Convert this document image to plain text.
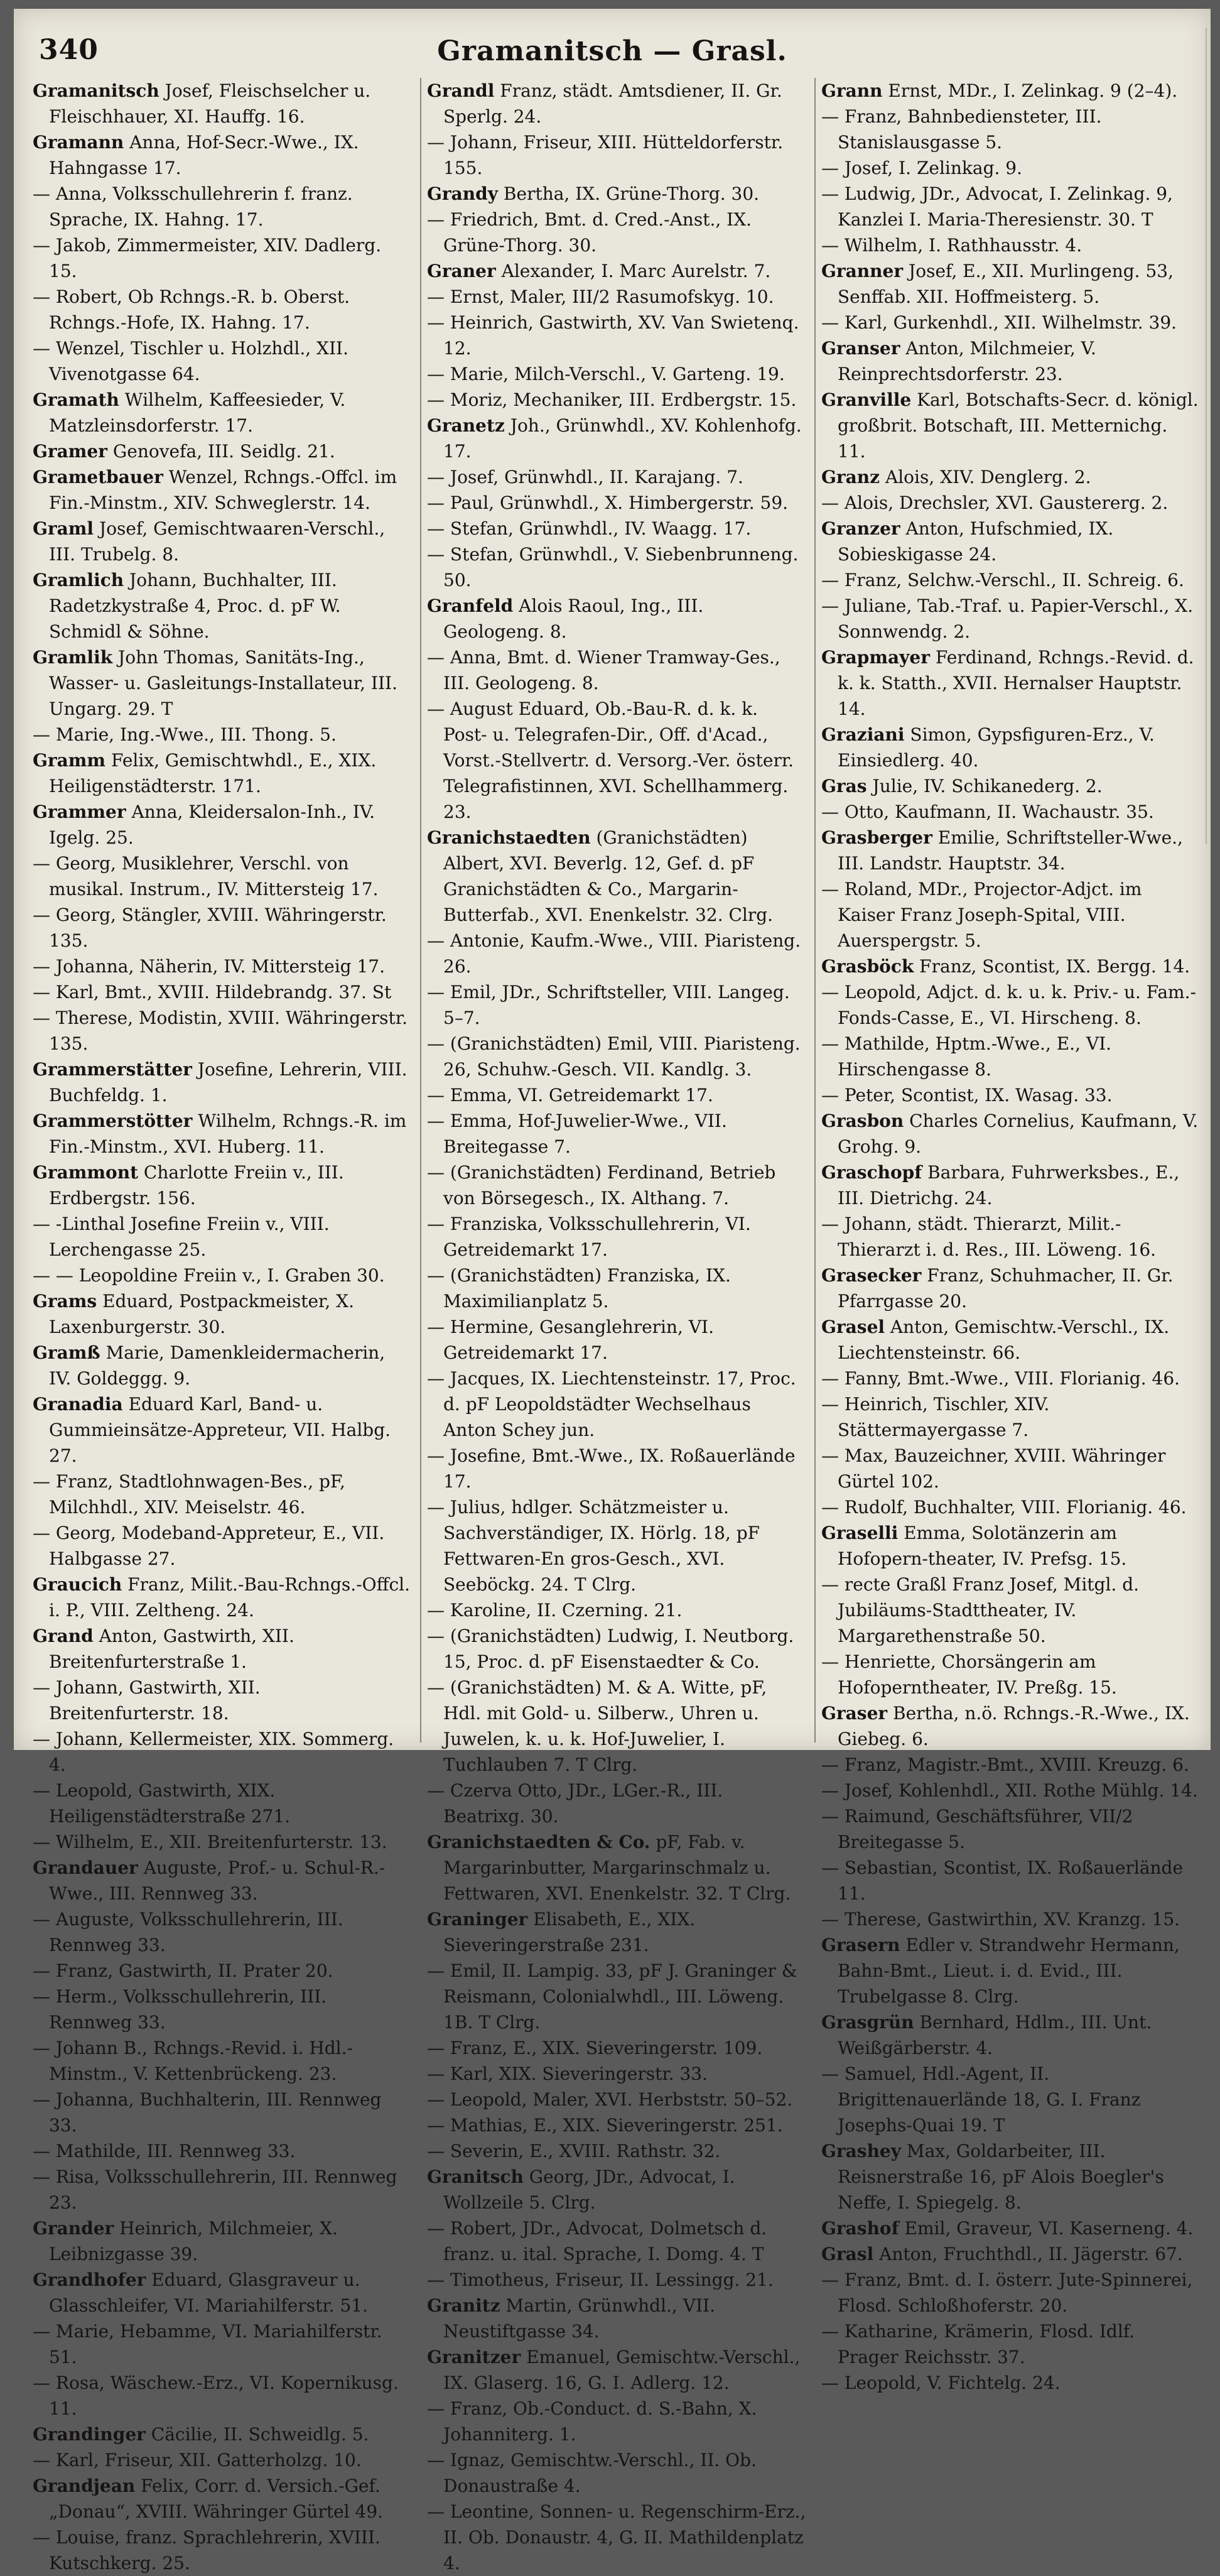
340	Gramanitsch — Grasl.

Gramanitsch Josef, Fleischselcher u. Fleischhauer, XI. Hauffg. 16.

Gramann Anna, Hof-Secr.-Wwe., IX. Hahngasse 17.

— Anna, Volksschullehrerin f. franz. Sprache, IX. Hahng. 17.

— Jakob, Zimmermeister, XIV. Dadlerg. 15.

— Robert, Ob Rchngs.-R. b. Oberst. Rchngs.-Hofe, IX. Hahng. 17.

— Wenzel, Tischler u. Holzhdl., XII. Vivenotgasse 64.

Gramath Wilhelm, Kaffeesieder, V. Matzleinsdorferstr. 17.

Gramer Genovefa, III. Seidlg. 21.

Grametbauer Wenzel, Rchngs.-Offcl. im Fin.-Minstm., XIV. Schweglerstr. 14.

Graml Josef, Gemischtwaaren-Verschl., III. Trubelg. 8.

Gramlich Johann, Buchhalter, III. Radetzkystraße 4, Proc. d. pF W. Schmidl & Söhne.

Gramlik John Thomas, Sanitäts-Ing., Wasser- u. Gasleitungs-Installateur, III. Ungarg. 29. T

— Marie, Ing.-Wwe., III. Thong. 5.

Gramm Felix, Gemischtwhdl., E., XIX. Heiligenstädterstr. 171.

Grammer Anna, Kleidersalon-Inh., IV. Igelg. 25.

— Georg, Musiklehrer, Verschl. von musikal. Instrum., IV. Mittersteig 17.

— Georg, Stängler, XVIII. Währingerstr. 135.

— Johanna, Näherin, IV. Mittersteig 17.

— Karl, Bmt., XVIII. Hildebrandg. 37. St

— Therese, Modistin, XVIII. Währingerstr. 135.

Grammerstätter Josefine, Lehrerin, VIII. Buchfeldg. 1.

Grammerstötter Wilhelm, Rchngs.-R. im Fin.-Minstm., XVI. Huberg. 11.

Grammont Charlotte Freiin v., III. Erdbergstr. 156.

— -Linthal Josefine Freiin v., VIII. Lerchengasse 25.

— — Leopoldine Freiin v., I. Graben 30.

Grams Eduard, Postpackmeister, X. Laxenburgerstr. 30.

Gramß Marie, Damenkleidermacherin, IV. Goldeggg. 9.

Granadia Eduard Karl, Band- u. Gummieinsätze-Appreteur, VII. Halbg. 27.

— Franz, Stadtlohnwagen-Bes., pF, Milchhdl., XIV. Meiselstr. 46.

— Georg, Modeband-Appreteur, E., VII. Halbgasse 27.

Graucich Franz, Milit.-Bau-Rchngs.-Offcl. i. P., VIII. Zeltheng. 24.

Grand Anton, Gastwirth, XII. Breitenfurterstraße 1.

— Johann, Gastwirth, XII. Breitenfurterstr. 18.

— Johann, Kellermeister, XIX. Sommerg. 4.

— Leopold, Gastwirth, XIX. Heiligenstädterstraße 271.

— Wilhelm, E., XII. Breitenfurterstr. 13.

Grandauer Auguste, Prof.- u. Schul-R.-Wwe., III. Rennweg 33.

— Auguste, Volksschullehrerin, III. Rennweg 33.

— Franz, Gastwirth, II. Prater 20.

— Herm., Volksschullehrerin, III. Rennweg 33.

— Johann B., Rchngs.-Revid. i. Hdl.-Minstm., V. Kettenbrückeng. 23.

— Johanna, Buchhalterin, III. Rennweg 33.

— Mathilde, III. Rennweg 33.

— Risa, Volksschullehrerin, III. Rennweg 23.

Grander Heinrich, Milchmeier, X. Leibnizgasse 39.

Grandhofer Eduard, Glasgraveur u. Glasschleifer, VI. Mariahilferstr. 51.

— Marie, Hebamme, VI. Mariahilferstr. 51.

— Rosa, Wäschew.-Erz., VI. Kopernikusg. 11.

Grandinger Cäcilie, II. Schweidlg. 5.

— Karl, Friseur, XII. Gatterholzg. 10.

Grandjean Felix, Corr. d. Versich.-Gef. „Donau“, XVIII. Währinger Gürtel 49.

— Louise, franz. Sprachlehrerin, XVIII. Kutschkerg. 25.

Grandl Franz, städt. Amtsdiener, II. Gr. Sperlg. 24.

— Johann, Friseur, XIII. Hütteldorferstr. 155.

Grandy Bertha, IX. Grüne-Thorg. 30.

— Friedrich, Bmt. d. Cred.-Anst., IX. Grüne-Thorg. 30.

Graner Alexander, I. Marc Aurelstr. 7.

— Ernst, Maler, III/2 Rasumofskyg. 10.

— Heinrich, Gastwirth, XV. Van Swietenq. 12.

— Marie, Milch-Verschl., V. Garteng. 19.

— Moriz, Mechaniker, III. Erdbergstr. 15.

Granetz Joh., Grünwhdl., XV. Kohlenhofg. 17.

— Josef, Grünwhdl., II. Karajang. 7.

— Paul, Grünwhdl., X. Himbergerstr. 59.

— Stefan, Grünwhdl., IV. Waagg. 17.

— Stefan, Grünwhdl., V. Siebenbrunneng. 50.

Granfeld Alois Raoul, Ing., III. Geologeng. 8.

— Anna, Bmt. d. Wiener Tramway-Ges., III. Geologeng. 8.

— August Eduard, Ob.-Bau-R. d. k. k. Post- u. Telegrafen-Dir., Off. d'Acad., Vorst.-Stellvertr. d. Versorg.-Ver. österr. Telegrafistinnen, XVI. Schellhammerg. 23.

Granichstaedten (Granichstädten) Albert, XVI. Beverlg. 12, Gef. d. pF Granichstädten & Co., Margarin-Butterfab., XVI. Enenkelstr. 32. Clrg.

— Antonie, Kaufm.-Wwe., VIII. Piaristeng. 26.

— Emil, JDr., Schriftsteller, VIII. Langeg. 5–7.

— (Granichstädten) Emil, VIII. Piaristeng. 26, Schuhw.-Gesch. VII. Kandlg. 3.

— Emma, VI. Getreidemarkt 17.

— Emma, Hof-Juwelier-Wwe., VII. Breitegasse 7.

— (Granichstädten) Ferdinand, Betrieb von Börsegesch., IX. Althang. 7.

— Franziska, Volksschullehrerin, VI. Getreidemarkt 17.

— (Granichstädten) Franziska, IX. Maximilianplatz 5.

— Hermine, Gesanglehrerin, VI. Getreidemarkt 17.

— Jacques, IX. Liechtensteinstr. 17, Proc. d. pF Leopoldstädter Wechselhaus Anton Schey jun.

— Josefine, Bmt.-Wwe., IX. Roßauerlände 17.

— Julius, hdlger. Schätzmeister u. Sachverständiger, IX. Hörlg. 18, pF Fettwaren-En gros-Gesch., XVI. Seeböckg. 24. T Clrg.

— Karoline, II. Czerning. 21.

— (Granichstädten) Ludwig, I. Neutborg. 15, Proc. d. pF Eisenstaedter & Co.

— (Granichstädten) M. & A. Witte, pF, Hdl. mit Gold- u. Silberw., Uhren u. Juwelen, k. u. k. Hof-Juwelier, I. Tuchlauben 7. T Clrg.

— Czerva Otto, JDr., LGer.-R., III. Beatrixg. 30.

Granichstaedten & Co. pF, Fab. v. Margarinbutter, Margarinschmalz u. Fettwaren, XVI. Enenkelstr. 32. T Clrg.

Graninger Elisabeth, E., XIX. Sieveringerstraße 231.

— Emil, II. Lampig. 33, pF J. Graninger & Reismann, Colonialwhdl., III. Löweng. 1B. T Clrg.

— Franz, E., XIX. Sieveringerstr. 109.

— Karl, XIX. Sieveringerstr. 33.

— Leopold, Maler, XVI. Herbststr. 50–52.

— Mathias, E., XIX. Sieveringerstr. 251.

— Severin, E., XVIII. Rathstr. 32.

Granitsch Georg, JDr., Advocat, I. Wollzeile 5. Clrg.

— Robert, JDr., Advocat, Dolmetsch d. franz. u. ital. Sprache, I. Domg. 4. T

— Timotheus, Friseur, II. Lessingg. 21.

Granitz Martin, Grünwhdl., VII. Neustiftgasse 34.

Granitzer Emanuel, Gemischtw.-Verschl., IX. Glaserg. 16, G. I. Adlerg. 12.

— Franz, Ob.-Conduct. d. S.-Bahn, X. Johanniterg. 1.

— Ignaz, Gemischtw.-Verschl., II. Ob. Donaustraße 4.

— Leontine, Sonnen- u. Regenschirm-Erz., II. Ob. Donaustr. 4, G. II. Mathildenplatz 4.

Grann Ernst, MDr., I. Zelinkag. 9 (2–4).

— Franz, Bahnbediensteter, III. Stanislausgasse 5.

— Josef, I. Zelinkag. 9.

— Ludwig, JDr., Advocat, I. Zelinkag. 9, Kanzlei I. Maria-Theresienstr. 30. T

— Wilhelm, I. Rathhausstr. 4.

Granner Josef, E., XII. Murlingeng. 53, Senffab. XII. Hoffmeisterg. 5.

— Karl, Gurkenhdl., XII. Wilhelmstr. 39.

Granser Anton, Milchmeier, V. Reinprechtsdorferstr. 23.

Granville Karl, Botschafts-Secr. d. königl. großbrit. Botschaft, III. Metternichg. 11.

Granz Alois, XIV. Denglerg. 2.

— Alois, Drechsler, XVI. Gaustererg. 2.

Granzer Anton, Hufschmied, IX. Sobieskigasse 24.

— Franz, Selchw.-Verschl., II. Schreig. 6.

— Juliane, Tab.-Traf. u. Papier-Verschl., X. Sonnwendg. 2.

Grapmayer Ferdinand, Rchngs.-Revid. d. k. k. Statth., XVII. Hernalser Hauptstr. 14.

Graziani Simon, Gypsfiguren-Erz., V. Einsiedlerg. 40.

Gras Julie, IV. Schikanederg. 2.

— Otto, Kaufmann, II. Wachaustr. 35.

Grasberger Emilie, Schriftsteller-Wwe., III. Landstr. Hauptstr. 34.

— Roland, MDr., Projector-Adjct. im Kaiser Franz Joseph-Spital, VIII. Auerspergstr. 5.

Grasböck Franz, Scontist, IX. Bergg. 14.

— Leopold, Adjct. d. k. u. k. Priv.- u. Fam.-Fonds-Casse, E., VI. Hirscheng. 8.

— Mathilde, Hptm.-Wwe., E., VI. Hirschengasse 8.

— Peter, Scontist, IX. Wasag. 33.

Grasbon Charles Cornelius, Kaufmann, V. Grohg. 9.

Graschopf Barbara, Fuhrwerksbes., E., III. Dietrichg. 24.

— Johann, städt. Thierarzt, Milit.-Thierarzt i. d. Res., III. Löweng. 16.

Grasecker Franz, Schuhmacher, II. Gr. Pfarrgasse 20.

Grasel Anton, Gemischtw.-Verschl., IX. Liechtensteinstr. 66.

— Fanny, Bmt.-Wwe., VIII. Florianig. 46.

— Heinrich, Tischler, XIV. Stättermayergasse 7.

— Max, Bauzeichner, XVIII. Währinger Gürtel 102.

— Rudolf, Buchhalter, VIII. Florianig. 46.

Graselli Emma, Solotänzerin am Hofopern-theater, IV. Prefsg. 15.

— recte Graßl Franz Josef, Mitgl. d. Jubiläums-Stadttheater, IV. Margarethenstraße 50.

— Henriette, Chorsängerin am Hofoperntheater, IV. Preßg. 15.

Graser Bertha, n.ö. Rchngs.-R.-Wwe., IX. Giebeg. 6.

— Franz, Magistr.-Bmt., XVIII. Kreuzg. 6.

— Josef, Kohlenhdl., XII. Rothe Mühlg. 14.

— Raimund, Geschäftsführer, VII/2 Breitegasse 5.

— Sebastian, Scontist, IX. Roßauerlände 11.

— Therese, Gastwirthin, XV. Kranzg. 15.

Grasern Edler v. Strandwehr Hermann, Bahn-Bmt., Lieut. i. d. Evid., III. Trubelgasse 8. Clrg.

Grasgrün Bernhard, Hdlm., III. Unt. Weißgärberstr. 4.

— Samuel, Hdl.-Agent, II. Brigittenauerlände 18, G. I. Franz Josephs-Quai 19. T

Grashey Max, Goldarbeiter, III. Reisnerstraße 16, pF Alois Boegler's Neffe, I. Spiegelg. 8.

Grashof Emil, Graveur, VI. Kaserneng. 4.

Grasl Anton, Fruchthdl., II. Jägerstr. 67.

— Franz, Bmt. d. I. österr. Jute-Spinnerei, Flosd. Schloßhoferstr. 20.

— Katharine, Krämerin, Flosd. Idlf. Prager Reichsstr. 37.

— Leopold, V. Fichtelg. 24.
